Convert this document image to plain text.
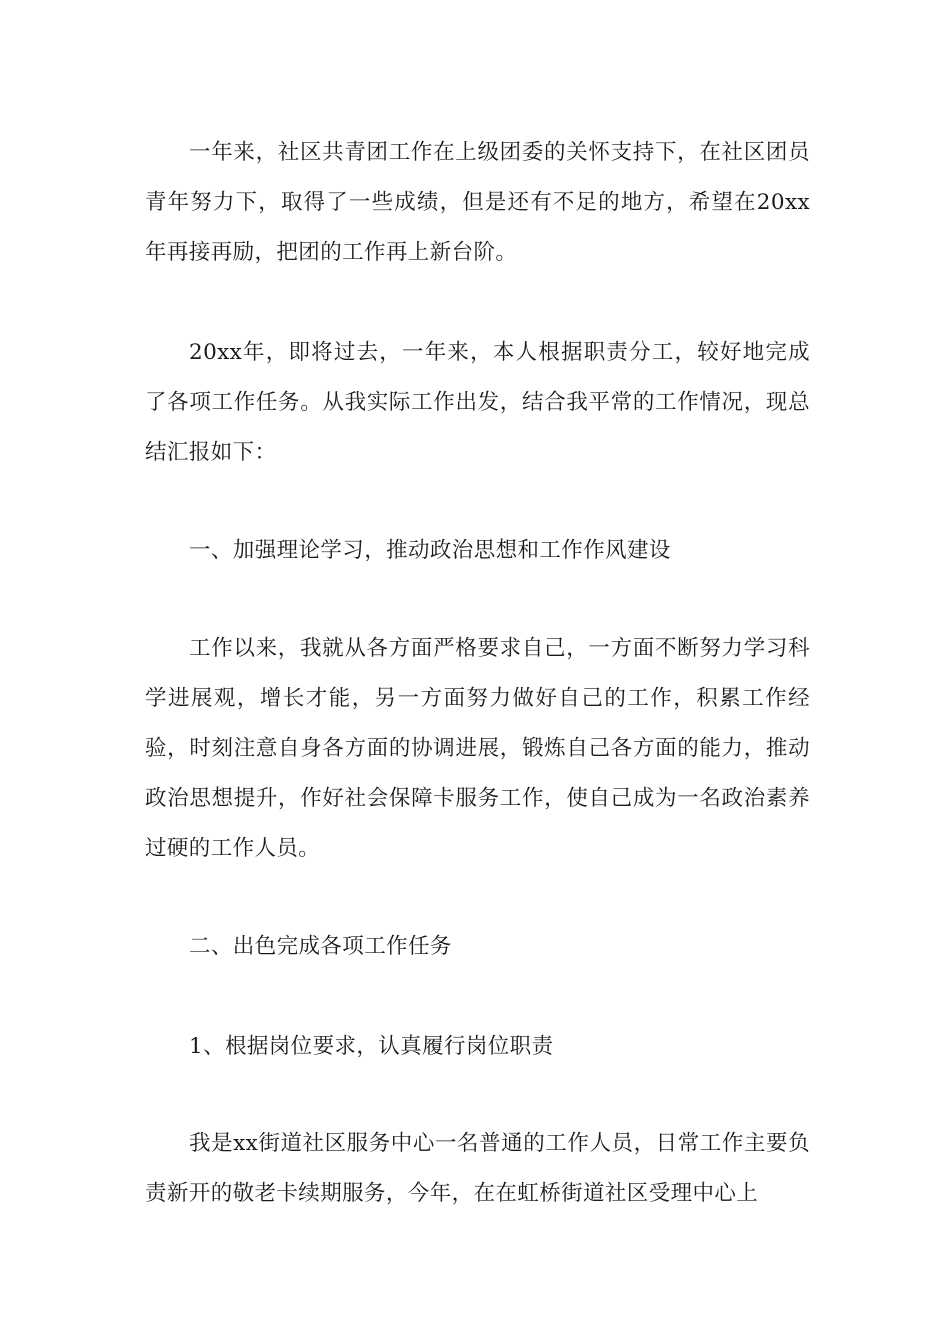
一年来，社区共青团工作在上级团委的关怀支持下，在社区团员青年努力下，取得了一些成绩，但是还有不足的地方，希望在20xx年再接再励，把团的工作再上新台阶。

20xx年，即将过去，一年来，本人根据职责分工，较好地完成了各项工作任务。从我实际工作出发，结合我平常的工作情况，现总结汇报如下：

一、加强理论学习，推动政治思想和工作作风建设

工作以来，我就从各方面严格要求自己，一方面不断努力学习科学进展观，增长才能，另一方面努力做好自己的工作，积累工作经验，时刻注意自身各方面的协调进展，锻炼自己各方面的能力，推动政治思想提升，作好社会保障卡服务工作，使自己成为一名政治素养过硬的工作人员。

二、出色完成各项工作任务

1、根据岗位要求，认真履行岗位职责

我是xx街道社区服务中心一名普通的工作人员，日常工作主要负责新开的敬老卡续期服务，今年，在在虹桥街道社区受理中心上
